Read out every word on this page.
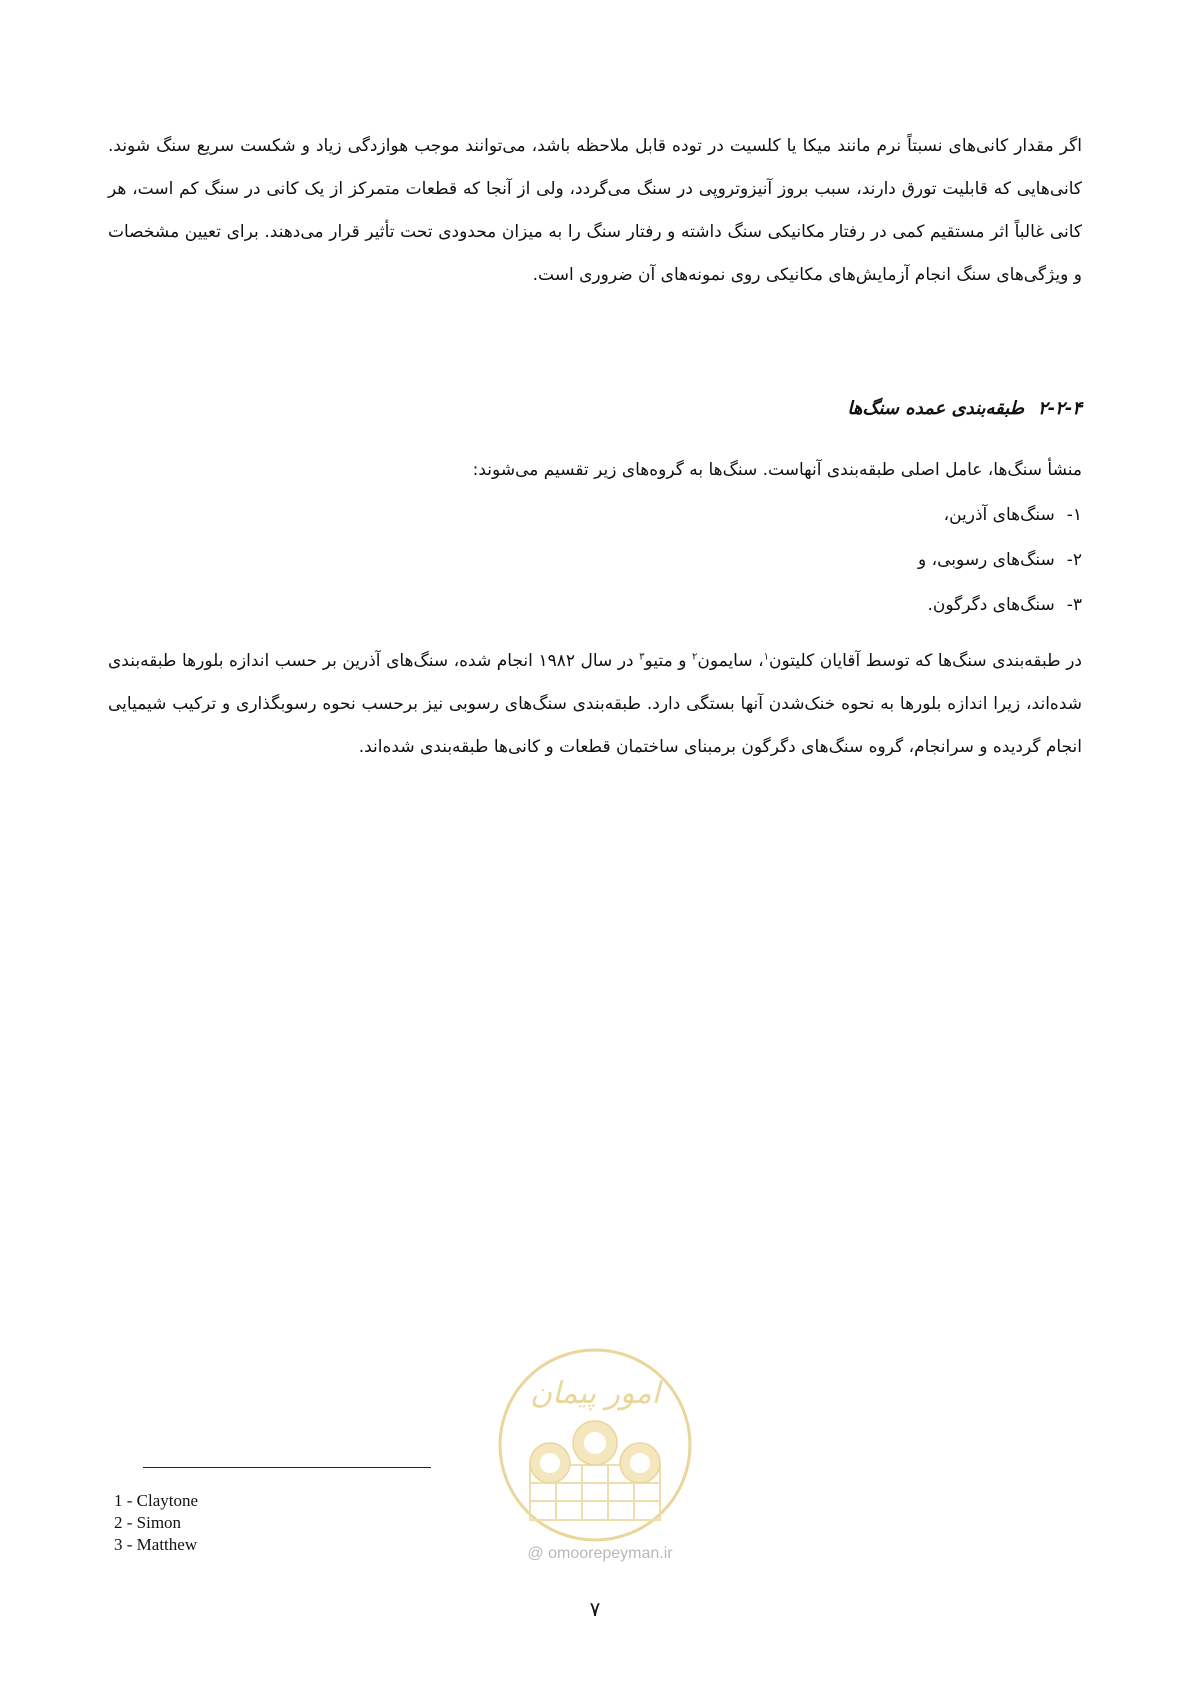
اگر مقدار کانی‌های نسبتاً نرم مانند میکا یا کلسیت در توده قابل ملاحظه باشد، می‌توانند موجب هوازدگی زیاد و شکست سریع سنگ شوند. کانی‌هایی که قابلیت تورق دارند، سبب بروز آنیزوتروپی در سنگ می‌گردد، ولی از آنجا که قطعات متمرکز از یک کانی در سنگ کم است، هر کانی غالباً اثر مستقیم کمی در رفتار مکانیکی سنگ داشته و رفتار سنگ را به میزان محدودی تحت تأثیر قرار می‌دهند. برای تعیین مشخصات و ویژگی‌های سنگ انجام آزمایش‌های مکانیکی روی نمونه‌های آن ضروری است.

۲-۲-۴
طبقه‌بندی عمده سنگ‌ها

منشأ سنگ‌ها، عامل اصلی طبقه‌بندی آنهاست. سنگ‌ها به گروه‌های زیر تقسیم می‌شوند:

۱-
سنگ‌های آذرین،
۲-
سنگ‌های رسوبی، و
۳-
سنگ‌های دگرگون.

در طبقه‌بندی سنگ‌ها که توسط آقایان کلیتون$^۱$، سایمون$^۲$ و متیو$^۳$ در سال ۱۹۸۲ انجام شده، سنگ‌های آذرین بر حسب اندازه بلورها طبقه‌بندی شده‌اند، زیرا اندازه بلورها به نحوه خنک‌شدن آنها بستگی دارد. طبقه‌بندی سنگ‌های رسوبی نیز برحسب نحوه رسوبگذاری و ترکیب شیمیایی انجام گردیده و سرانجام، گروه سنگ‌های دگرگون برمبنای ساختمان قطعات و کانی‌ها طبقه‌بندی شده‌اند.

امور پیمان
@ omoorepeyman.ir
1 - Claytone
2 - Simon
3 - Matthew
۷
